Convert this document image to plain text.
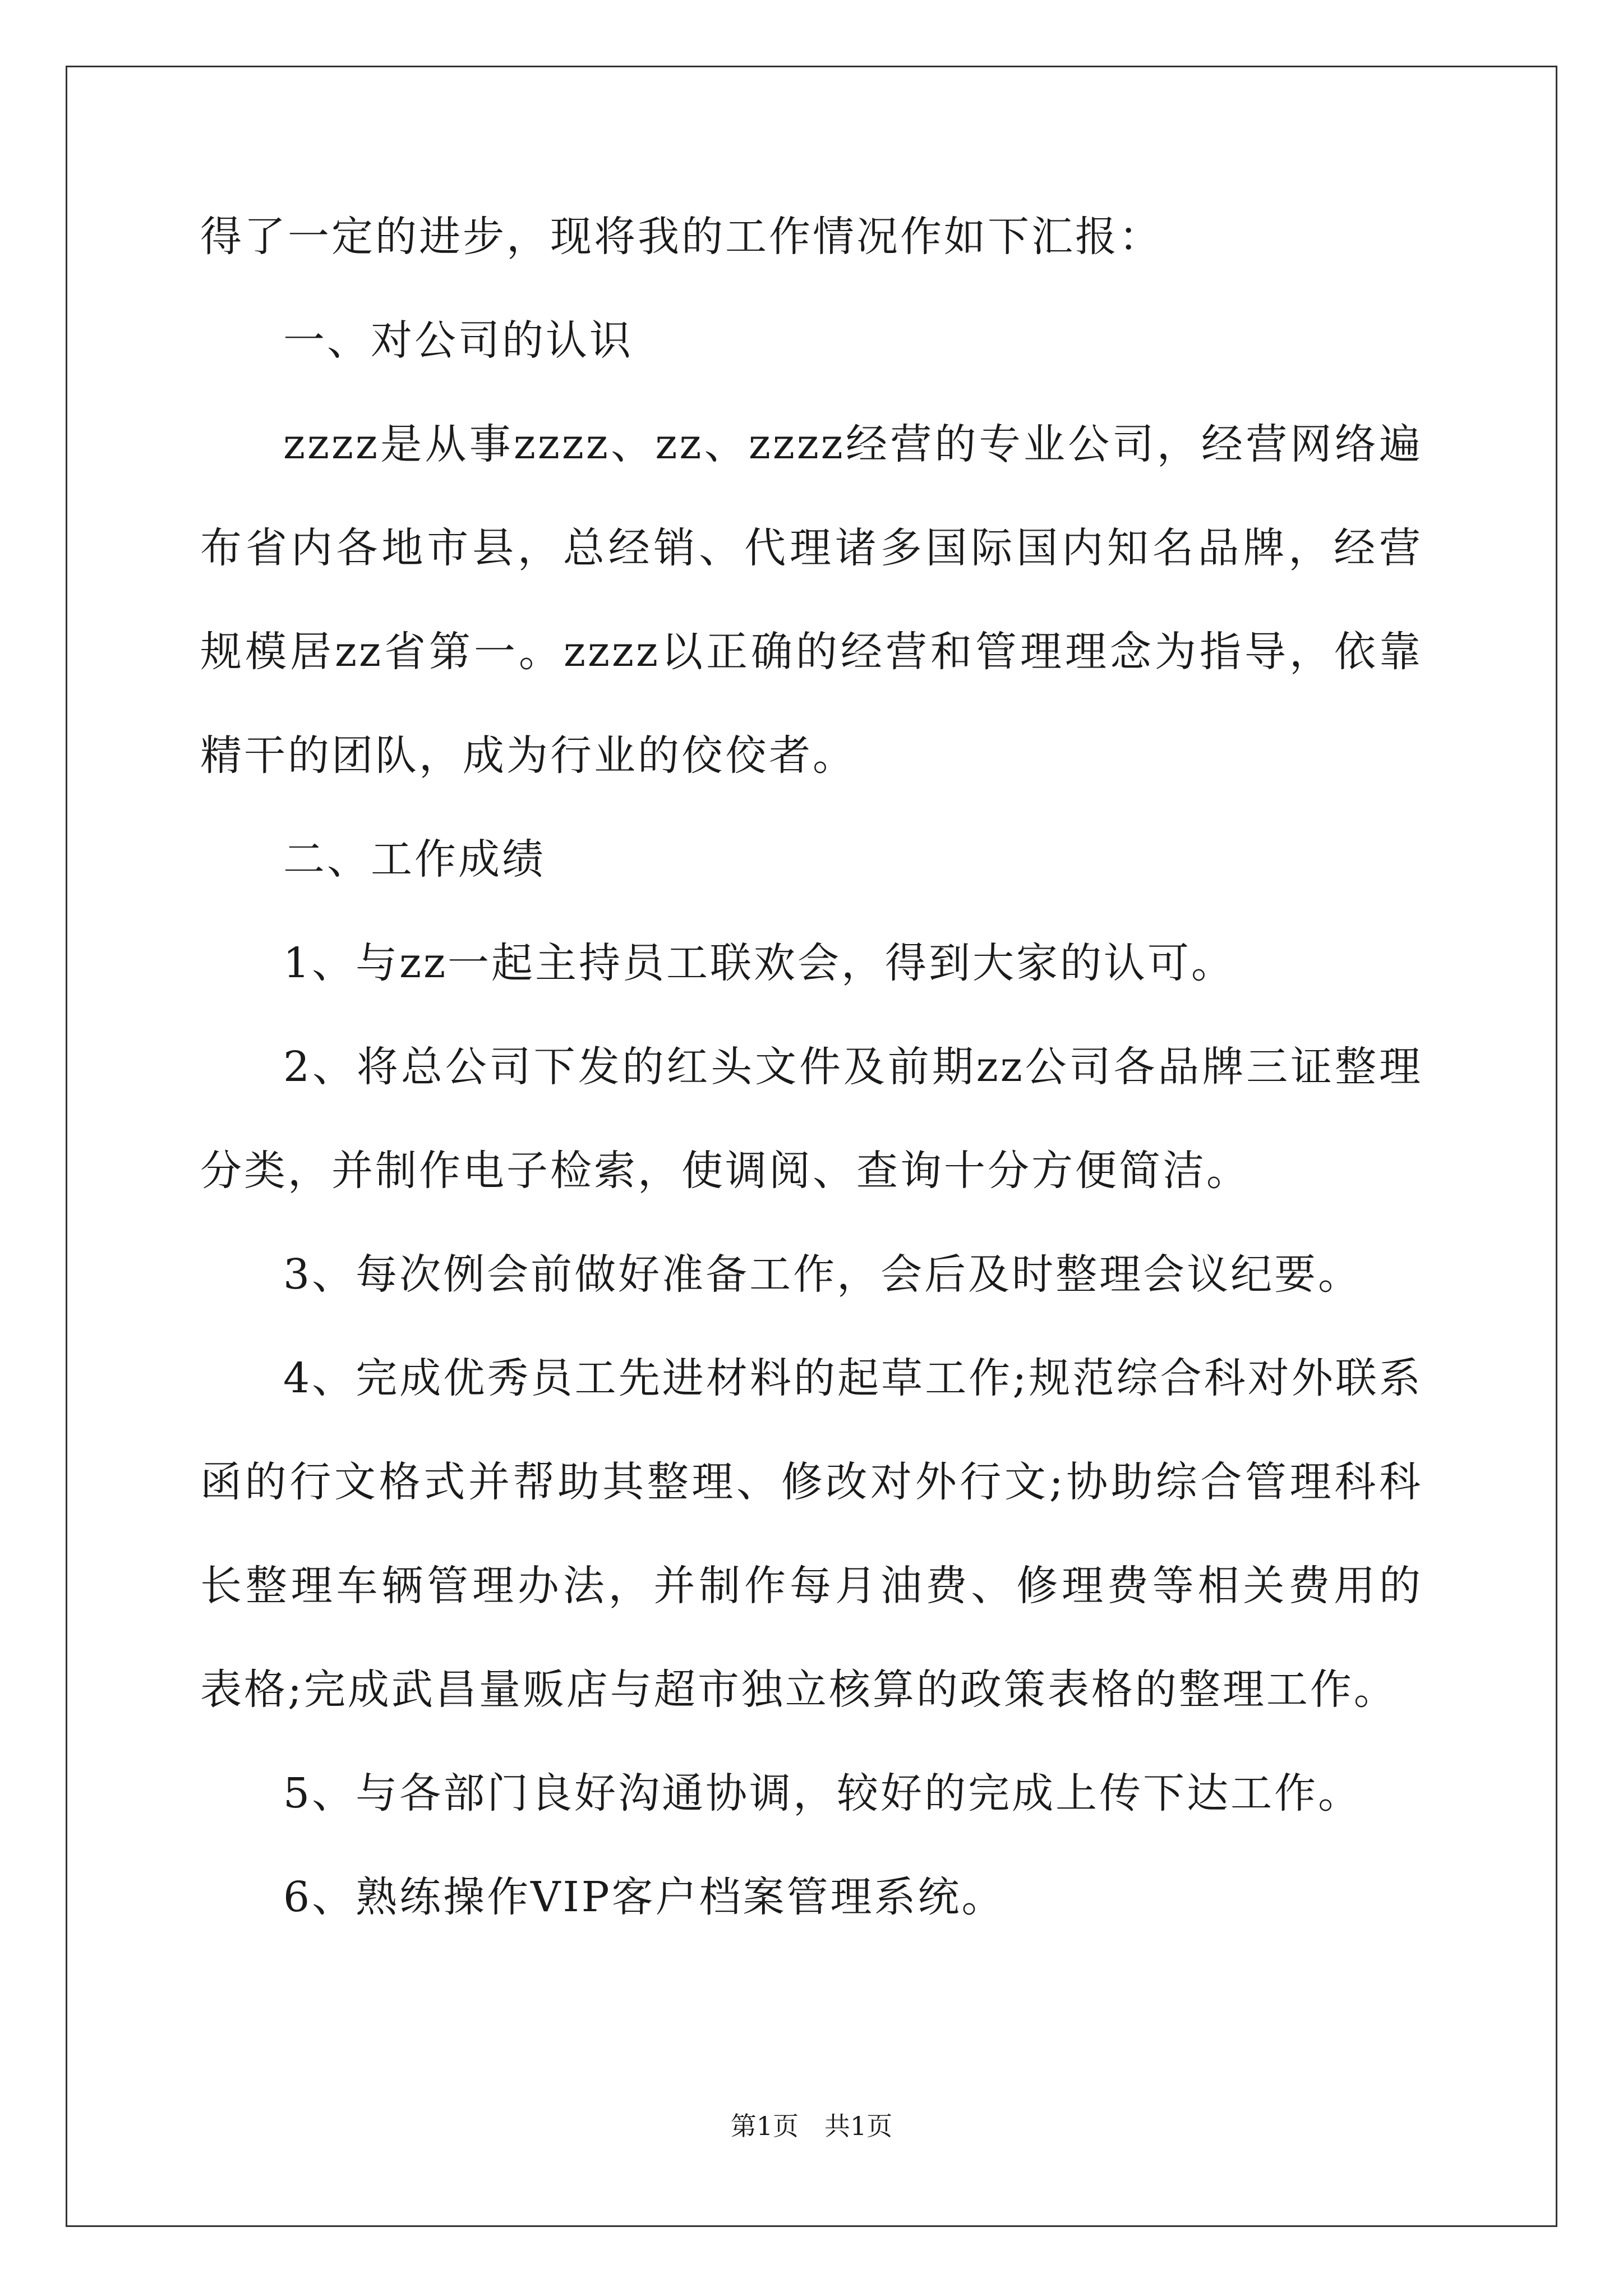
得了一定的进步，现将我的工作情况作如下汇报：

一、对公司的认识

zzzz是从事zzzz、zz、zzzz经营的专业公司，经营网络遍布省内各地市县，总经销、代理诸多国际国内知名品牌，经营规模居zz省第一。zzzz以正确的经营和管理理念为指导，依靠精干的团队，成为行业的佼佼者。

二、工作成绩

1、与zz一起主持员工联欢会，得到大家的认可。

2、将总公司下发的红头文件及前期zz公司各品牌三证整理分类，并制作电子检索，使调阅、查询十分方便简洁。

3、每次例会前做好准备工作，会后及时整理会议纪要。

4、完成优秀员工先进材料的起草工作;规范综合科对外联系函的行文格式并帮助其整理、修改对外行文;协助综合管理科科长整理车辆管理办法，并制作每月油费、修理费等相关费用的表格;完成武昌量贩店与超市独立核算的政策表格的整理工作。

5、与各部门良好沟通协调，较好的完成上传下达工作。

6、熟练操作VIP客户档案管理系统。

第1页　共1页
